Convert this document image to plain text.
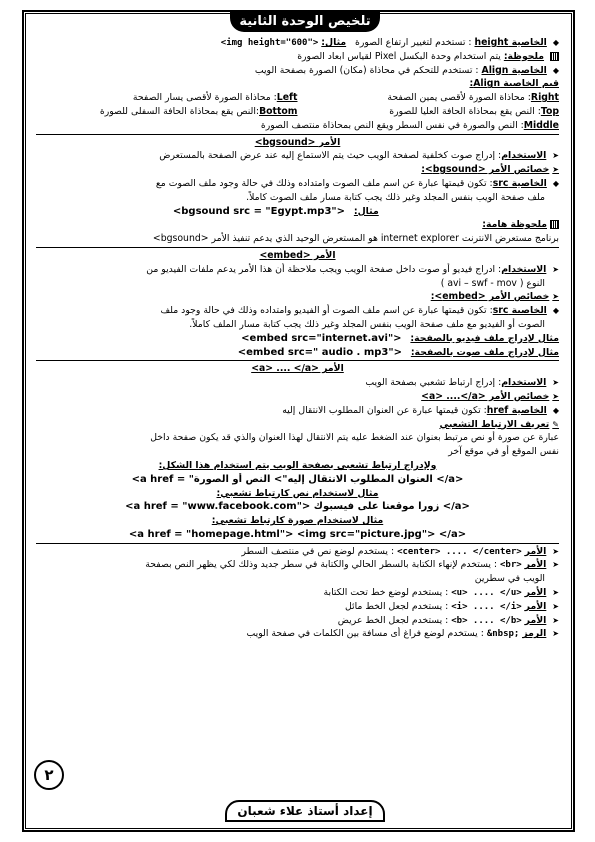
تلخيص الوحدة الثانية
◆ الخاصية height : تستخدم لتغيير ارتفاع الصورة   مثال: <img height="600">
ملحوظة: يتم استخدام وحدة البكسل Pixel لقياس ابعاد الصورة
◆ الخاصية Align : تستخدم للتحكم في محاذاة (مكان) الصورة بصفحة الويب
قيم الخاصية Align:
Right: محاذاة الصورة لأقصى يمين الصفحة
Left: محاذاة الصورة لأقصى يسار الصفحة
Top: النص يقع بمحاذاة الحافة العليا للصورة
Bottom:النص يقع بمحاذاة الحافة السفلى للصورة
Middle: النص والصورة في نفس السطر ويقع النص بمحاذاة منتصف الصورة
الأمر <bgsound>
➤ الاستخدام: إدراج صوت كخلفية لصفحة الويب حيث يتم الاستماع إليه عند عرض الصفحة بالمستعرض
➤خصائص الأمر <bgsound>:
◆ الخاصية src: تكون قيمتها عبارة عن اسم ملف الصوت وامتداده وذلك في حالة وجود ملف الصوت مع
ملف صفحة الويب بنفس المجلد وغير ذلك يجب كتابة مسار ملف الصوت كاملاً.
مثال:   <bgsound src = "Egypt.mp3">
ملحوظة هامة:
برنامج مستعرض الانترنت internet explorer هو المستعرض الوحيد الذي يدعم تنفيذ الأمر <bgsound>
الأمر <embed>
➤ الاستخدام: ادراج فيديو أو صوت داخل صفحة الويب ويجب ملاحظة أن هذا الأمر يدعم ملفات الفيديو من
النوع ( avi – swf - mov )
➤خصائص الأمر <embed>:
◆ الخاصية src: تكون قيمتها عبارة عن اسم ملف الصوت أو الفيديو وامتداده وذلك في حالة وجود ملف
الصوت أو الفيديو مع ملف صفحة الويب بنفس المجلد وغير ذلك يجب كتابة مسار الملف كاملاً.
مثال لإدراج ملف فيديو بالصفحة:   <embed src="internet.avi">
مثال لإدراج ملف صوت بالصفحة:   <embed src=" audio . mp3">
الأمر <a> .... </a>
➤ الاستخدام: إدراج ارتباط تشعبي بصفحة الويب
➤خصائص الأمر <a> ....</a>
◆ الخاصية href: تكون قيمتها عبارة عن العنوان المطلوب الانتقال إليه
✎تعريف الارتباط التشعبي
عبارة عن صورة أو نص مرتبط بعنوان عند الضغط عليه يتم الانتقال لهذا العنوان والذي قد يكون صفحة داخل
نفس الموقع أو في موقع آخر
ولإدراج ارتباط تشعبي بصفحة الويب يتم استخدام هذا الشكل:
<a href = "العنوان المطلوب الانتقال إليه"> النص أو الصورة </a>
مثال لاستخدام نص كارتباط تشعبي:
<a href = "www.facebook.com"> زورا موقعنا على فيسبوك </a>
مثال لاستخدام صورة كارتباط تشعبي:
<a href = "homepage.html"> <img src="picture.jpg"> </a>
➤ الأمر <center> .... </center> : يستخدم لوضع نص في منتصف السطر
➤ الأمر <br> : يستخدم لإنهاء الكتابة بالسطر الحالي والكتابة في سطر جديد وذلك لكي يظهر النص بصفحة
الويب في سطرين
➤ الأمر <u> .... </u> : يستخدم لوضع خط تحت الكتابة
➤ الأمر <i> .... </i> : يستخدم لجعل الخط مائل
➤ الأمر <b> .... </b> : يستخدم لجعل الخط عريض
➤ الرمز &nbsp; : يستخدم لوضع فراغ أى مسافة بين الكلمات في صفحة الويب
٢
إعداد أستاذ علاء شعبان
